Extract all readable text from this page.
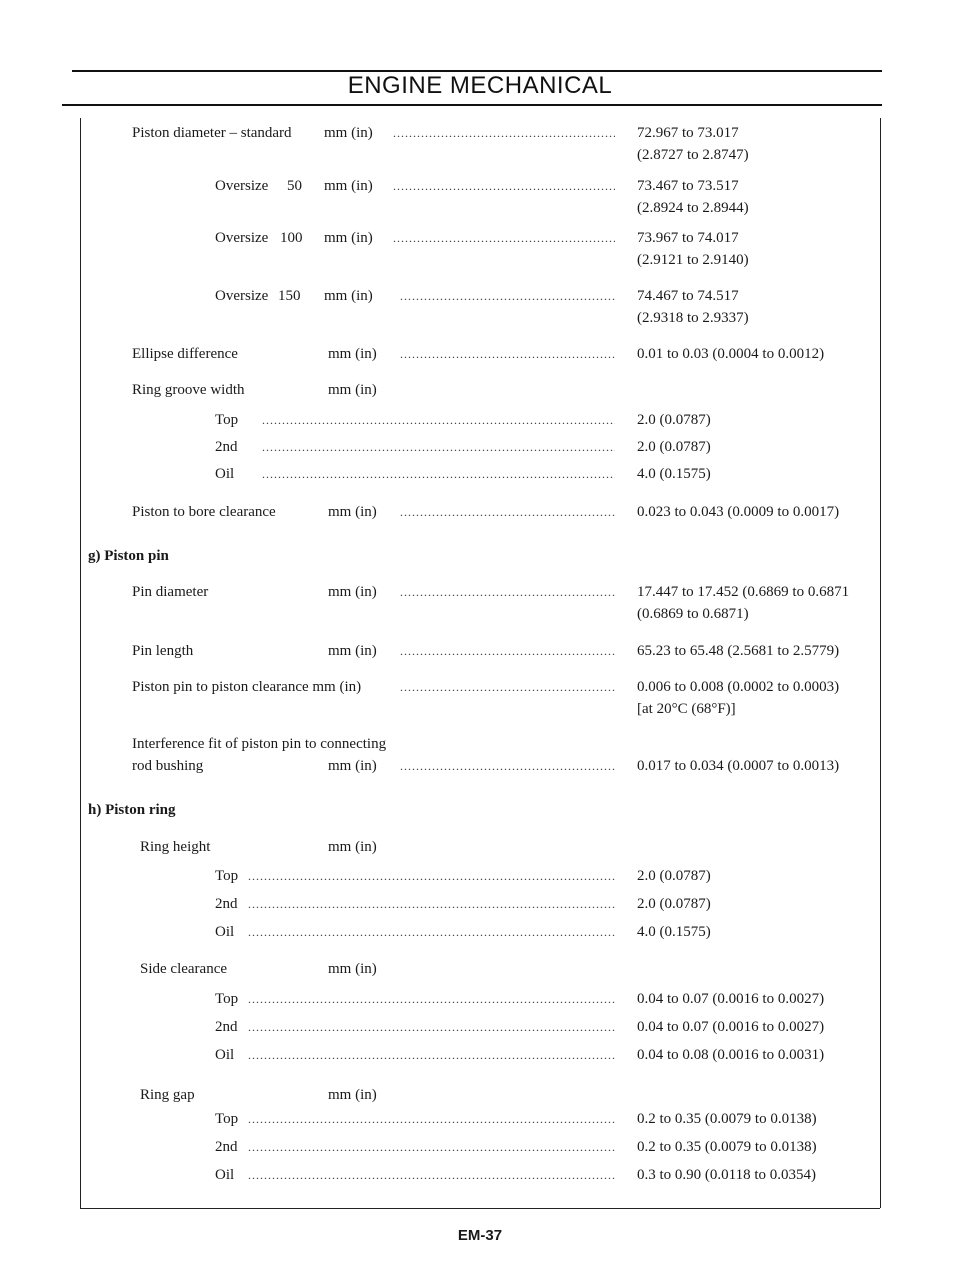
ENGINE MECHANICAL
Piston diameter – standard mm (in) .....	72.967 to 73.017
(2.8727 to 2.8747)
Oversize 50 mm (in) .....	73.467 to 73.517
(2.8924 to 2.8944)
Oversize 100 mm (in) .....	73.967 to 74.017
(2.9121 to 2.9140)
Oversize 150 mm (in) .....	74.467 to 74.517
(2.9318 to 2.9337)
Ellipse difference	mm (in) .....	0.01 to 0.03 (0.0004 to 0.0012)
Ring groove width	mm (in)
Top .....	2.0 (0.0787)
2nd .....	2.0 (0.0787)
Oil .....	4.0 (0.1575)
Piston to bore clearance	mm (in) .....	0.023 to 0.043 (0.0009 to 0.0017)
g) Piston pin
Pin diameter	mm (in) .....	17.447 to 17.452 (0.6869 to 0.6871
(0.6869 to 0.6871)
Pin length	mm (in) .....	65.23 to 65.48 (2.5681 to 2.5779)
Piston pin to piston clearance mm (in) .....	0.006 to 0.008 (0.0002 to 0.0003)
[at 20°C (68°F)]
Interference fit of piston pin to connecting
rod bushing	mm (in) .....	0.017 to 0.034 (0.0007 to 0.0013)
h) Piston ring
Ring height	mm (in)
Top .....	2.0 (0.0787)
2nd .....	2.0 (0.0787)
Oil .....	4.0 (0.1575)
Side clearance	mm (in)
Top .....	0.04 to 0.07 (0.0016 to 0.0027)
2nd .....	0.04 to 0.07 (0.0016 to 0.0027)
Oil .....	0.04 to 0.08 (0.0016 to 0.0031)
Ring gap	mm (in)
Top .....	0.2 to 0.35 (0.0079 to 0.0138)
2nd .....	0.2 to 0.35 (0.0079 to 0.0138)
Oil .....	0.3 to 0.90 (0.0118 to 0.0354)
EM-37
